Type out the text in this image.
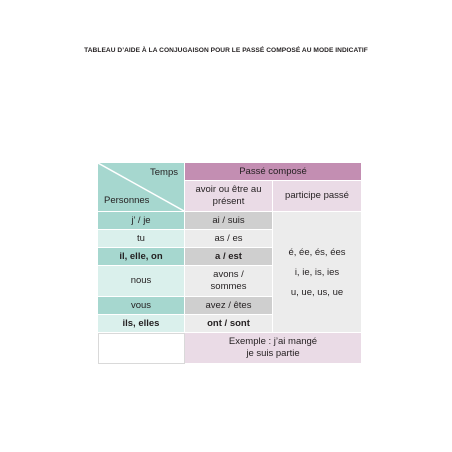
TABLEAU D’AIDE À LA CONJUGAISON POUR LE PASSÉ COMPOSÉ AU MODE INDICATIF
Temps
Personnes	Passé composé	
	avoir ou être au présent	participe passé
j’ / je	ai / suis	é, ée, és, ées
i, ie, is, ies
u, ue, us, ue

tu	as / es	
il, elle, on	a / est	
nous	avons / sommes	
vous	avez / êtes	
ils, elles	ont / sont	
	Exemple : j’ai mangé
je suis partie	
